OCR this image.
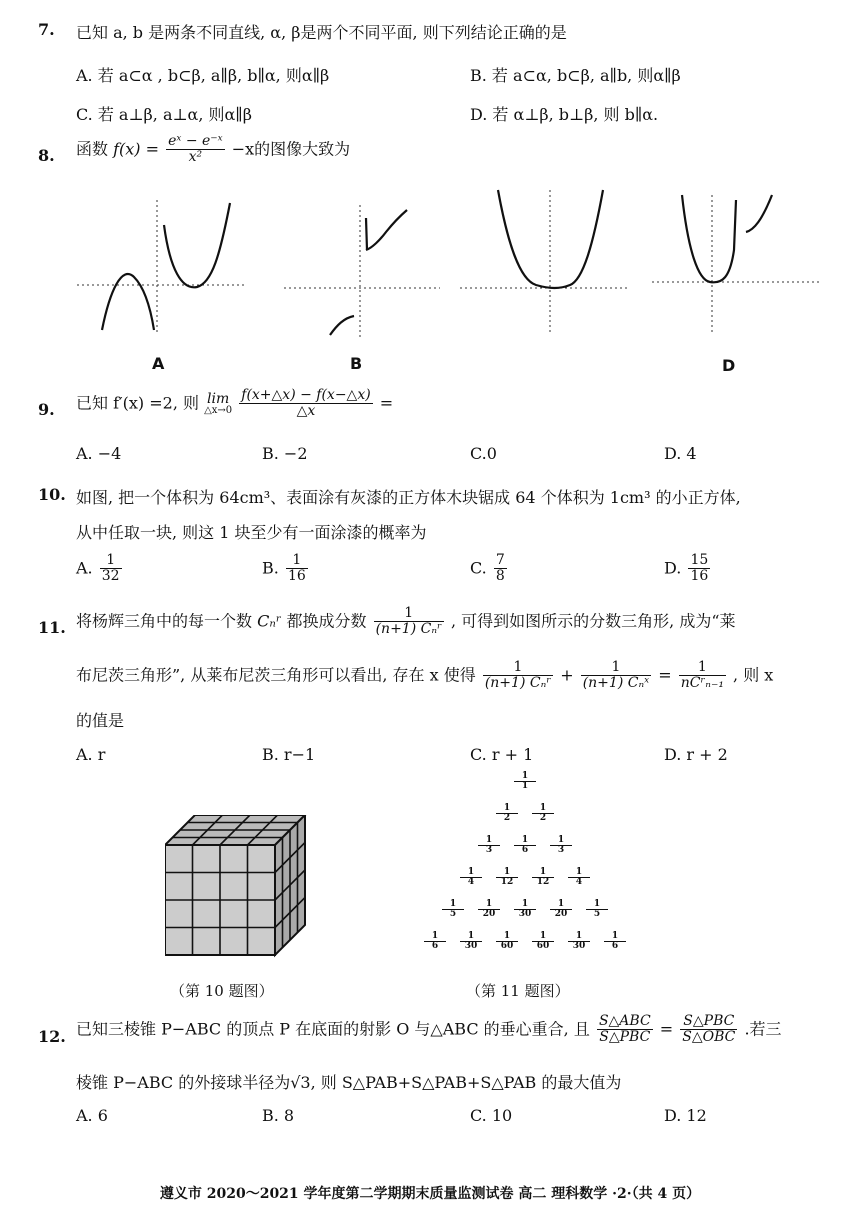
7. 已知 a, b 是两条不同直线, α, β是两个不同平面, 则下列结论正确的是
A. 若 a⊂α , b⊂β, a∥β, b∥α, 则α∥β	B. 若 a⊂α, b⊂β, a∥b, 则α∥β
C. 若 a⊥β, a⊥α, 则α∥β	D. 若 α⊥β, b⊥β, 则 b∥α.
8. 函数 $f(x) = \frac{\text{eˣ − e⁻ˣ}}{\text{x²}} -x$的图像大致为
A	B	D
9. 已知 f′(x) =2, 则 lim
△x→0
$\frac{f(x+\triangle x) - f(x-\triangle x)}{\triangle x}$ =
A. −4	B. −2	C.0	D. 4
10. 如图, 把一个体积为 64cm³、表面涂有灰漆的正方体木块锯成 64 个体积为 1cm³ 的小正方体,
从中任取一块, 则这 1 块至少有一面涂漆的概率为
A. $\frac{1}{32}$	B. $\frac{1}{16}$	C. $\frac{7}{8}$	D. $\frac{15}{16}$
11. 将杨辉三角中的每一个数 Cₙʳ 都换成分数 $\frac{1}{\text{(n+1) Cₙʳ}}$ , 可得到如图所示的分数三角形, 成为“莱
布尼茨三角形”, 从莱布尼茨三角形可以看出, 存在 x 使得 $\frac{1}{\text{(n+1) Cₙʳ}} + \frac{1}{\text{(n+1) Cₙˣ}} = \frac{1}{\text{nCʳₙ₋₁}}$ , 则 x
的值是
A. r	B. r−1	C. r + 1	D. r + 2
（第 10 题图）
$\frac{1}{1}$
$\frac{1}{2} \frac{1}{2}$
$\frac{1}{3} \frac{1}{6} \frac{1}{3}$
$\frac{1}{4} \frac{1}{12} \frac{1}{12} \frac{1}{4}$
$\frac{1}{5} \frac{1}{20} \frac{1}{30} \frac{1}{20} \frac{1}{5}$
$\frac{1}{6} \frac{1}{30} \frac{1}{60} \frac{1}{60} \frac{1}{30} \frac{1}{6}$
（第 11 题图）
12. 已知三棱锥 P−ABC 的顶点 P 在底面的射影 O 与△ABC 的垂心重合, 且 $\frac{\text{S△ABC}}{\text{S△PBC}} = \frac{\text{S△PBC}}{\text{S△OBC}}$ .若三
棱锥 P−ABC 的外接球半径为√3, 则 S△PAB+S△PAB+S△PAB 的最大值为
A. 6	B. 8	C. 10	D. 12
遵义市 2020～2021 学年度第二学期期末质量监测试卷 高二 理科数学 ·2·（共 4 页）
